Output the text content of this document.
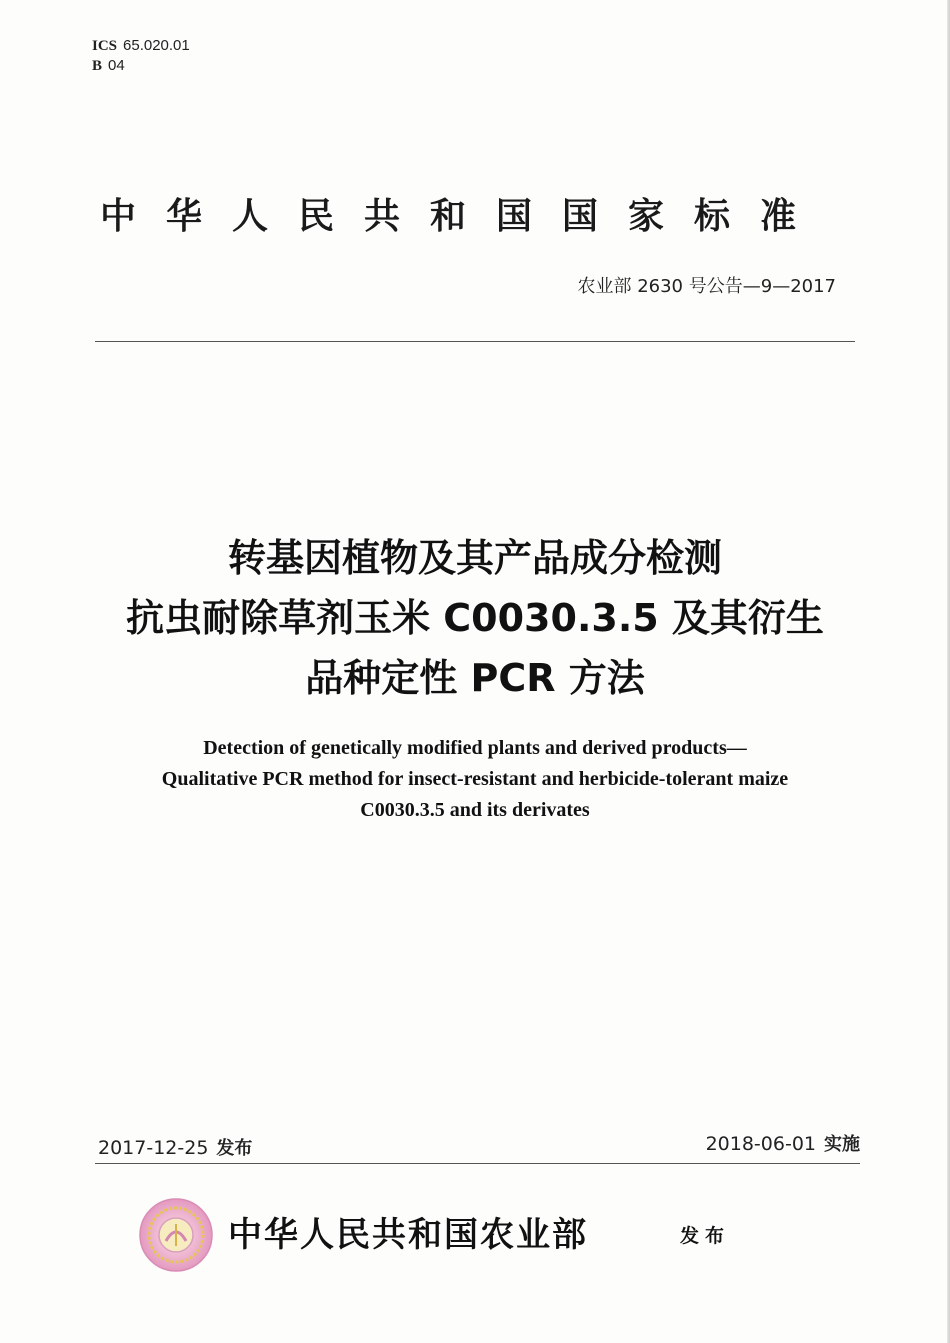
ICS 65.020.01
B 04
中华人民共和国国家标准
农业部 2630 号公告—9—2017
转基因植物及其产品成分检测
抗虫耐除草剂玉米 C0030.3.5 及其衍生
品种定性 PCR 方法
Detection of genetically modified plants and derived products—
Qualitative PCR method for insect-resistant and herbicide-tolerant maize
C0030.3.5 and its derivates
2017-12-25 发布	2018-06-01 实施
中华人民共和国农业部	发布
